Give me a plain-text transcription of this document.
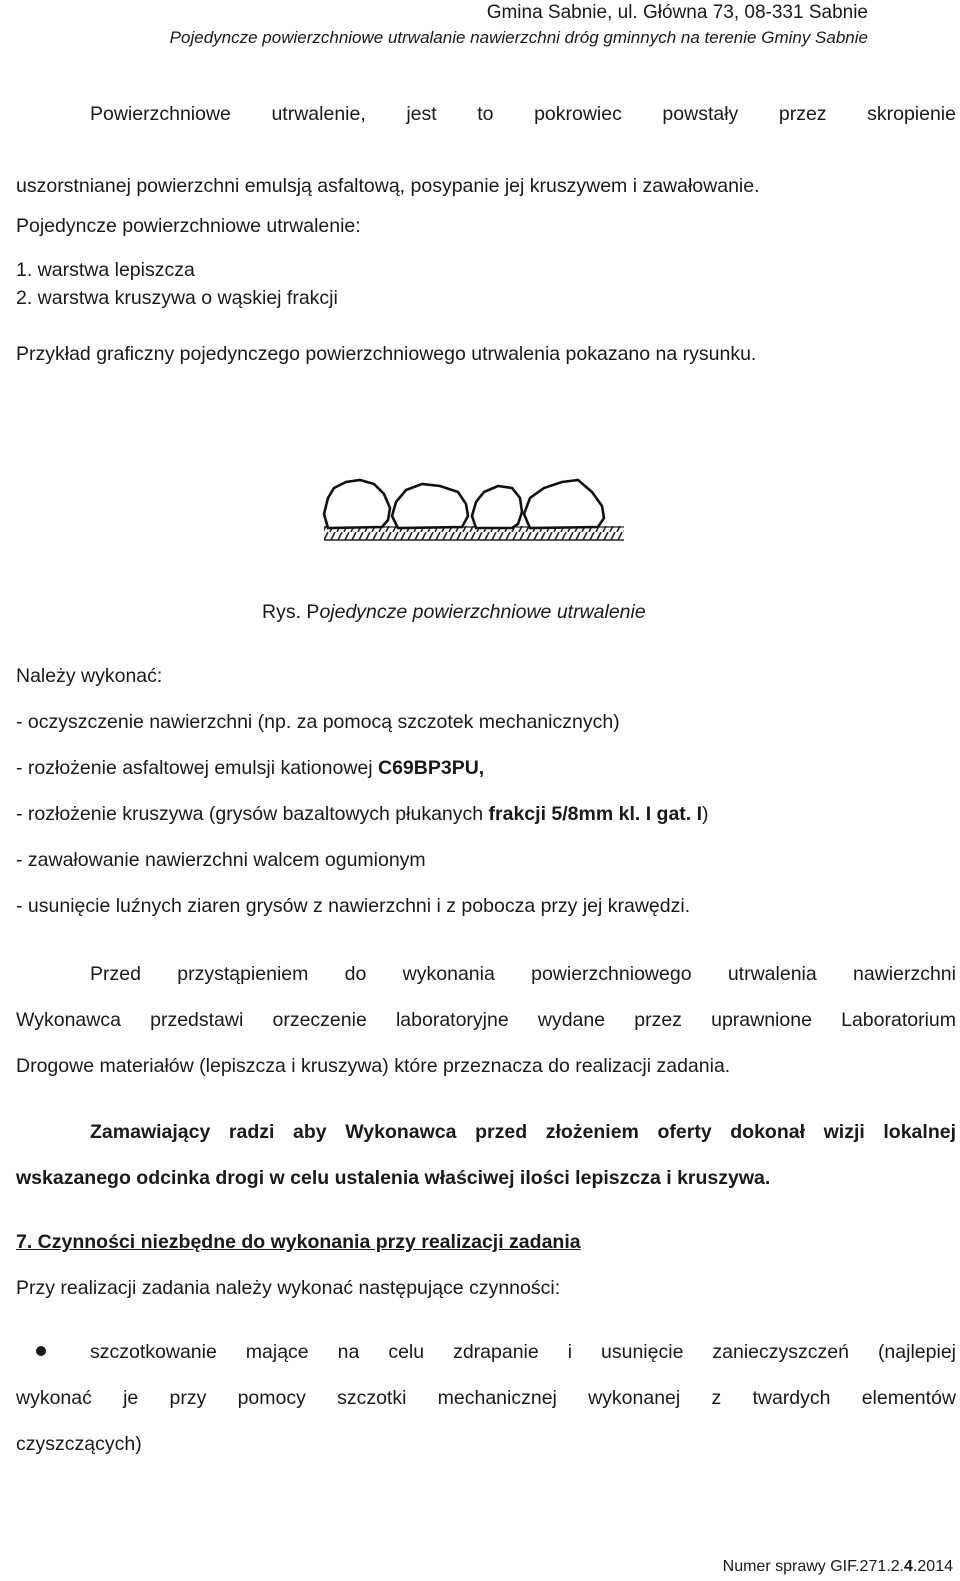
Gmina Sabnie, ul. Główna 73, 08-331 Sabnie
Pojedyncze powierzchniowe utrwalanie nawierzchni dróg gminnych na terenie Gminy Sabnie

Powierzchniowe utrwalenie, jest to pokrowiec powstały przez skropienie

uszorstnianej powierzchni emulsją asfaltową, posypanie jej kruszywem i zawałowanie.

Pojedyncze powierzchniowe utrwalenie:

1. warstwa lepiszcza

2. warstwa kruszywa o wąskiej frakcji

Przykład graficzny pojedynczego powierzchniowego utrwalenia pokazano na rysunku.

Rys. Pojedyncze powierzchniowe utrwalenie

Należy wykonać:

- oczyszczenie nawierzchni (np. za pomocą szczotek mechanicznych)

- rozłożenie asfaltowej emulsji kationowej C69BP3PU,

- rozłożenie kruszywa (grysów bazaltowych płukanych frakcji 5/8mm kl. I gat. I)

- zawałowanie nawierzchni walcem ogumionym

- usunięcie luźnych ziaren grysów z nawierzchni i z pobocza przy jej krawędzi.

Przed przystąpieniem do wykonania powierzchniowego utrwalenia nawierzchni

Wykonawca przedstawi orzeczenie laboratoryjne wydane przez uprawnione Laboratorium

Drogowe materiałów (lepiszcza i kruszywa) które przeznacza do realizacji zadania.

Zamawiający radzi aby Wykonawca przed złożeniem oferty dokonał wizji lokalnej

wskazanego odcinka drogi w celu ustalenia właściwej ilości lepiszcza i kruszywa.

7. Czynności niezbędne do wykonania przy realizacji zadania

Przy realizacji zadania należy wykonać następujące czynności:

szczotkowanie mające na celu zdrapanie i usunięcie zanieczyszczeń (najlepiej
wykonać je przy pomocy szczotki mechanicznej wykonanej z twardych elementów
czyszczących)
Numer sprawy GIF.271.2.4.2014
